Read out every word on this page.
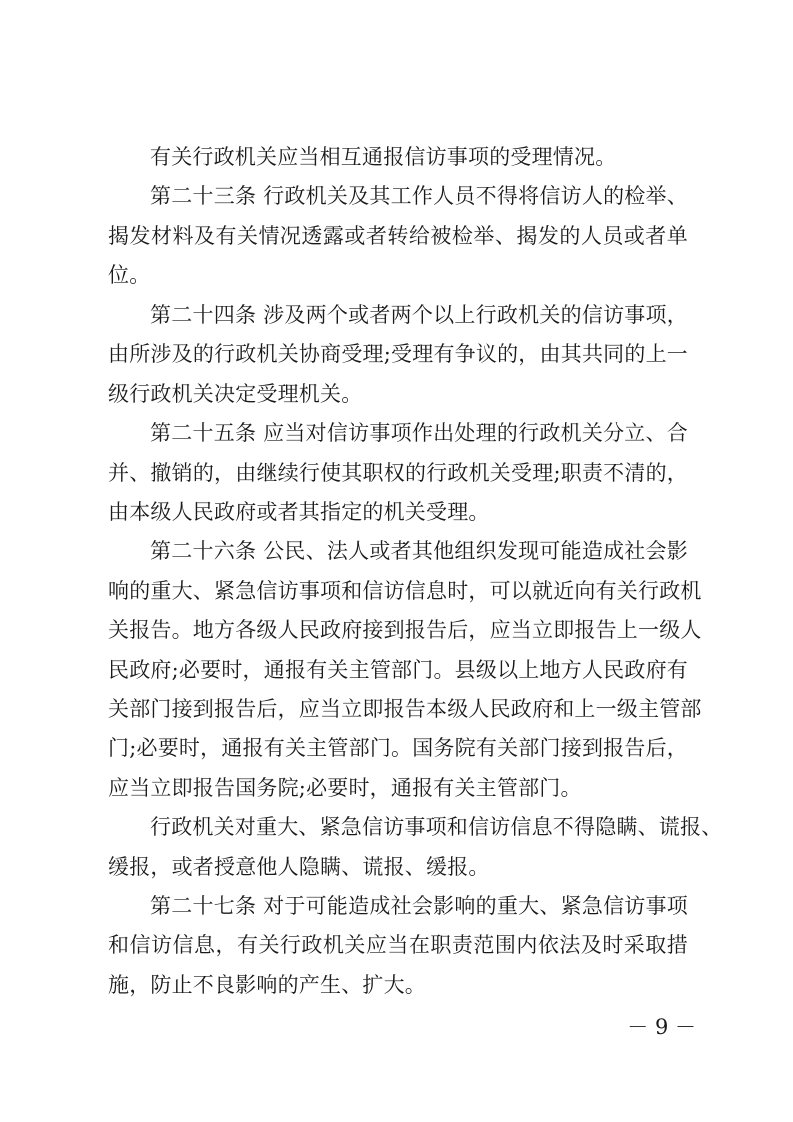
有关行政机关应当相互通报信访事项的受理情况。
第二十三条 行政机关及其工作人员不得将信访人的检举、
揭发材料及有关情况透露或者转给被检举、揭发的人员或者单
位。
第二十四条 涉及两个或者两个以上行政机关的信访事项，
由所涉及的行政机关协商受理;受理有争议的，由其共同的上一
级行政机关决定受理机关。
第二十五条 应当对信访事项作出处理的行政机关分立、合
并、撤销的，由继续行使其职权的行政机关受理;职责不清的，
由本级人民政府或者其指定的机关受理。
第二十六条 公民、法人或者其他组织发现可能造成社会影
响的重大、紧急信访事项和信访信息时，可以就近向有关行政机
关报告。地方各级人民政府接到报告后，应当立即报告上一级人
民政府;必要时，通报有关主管部门。县级以上地方人民政府有
关部门接到报告后，应当立即报告本级人民政府和上一级主管部
门;必要时，通报有关主管部门。国务院有关部门接到报告后，
应当立即报告国务院;必要时，通报有关主管部门。
行政机关对重大、紧急信访事项和信访信息不得隐瞒、谎报、
缓报，或者授意他人隐瞒、谎报、缓报。
第二十七条 对于可能造成社会影响的重大、紧急信访事项
和信访信息，有关行政机关应当在职责范围内依法及时采取措
施，防止不良影响的产生、扩大。
－ 9 －
